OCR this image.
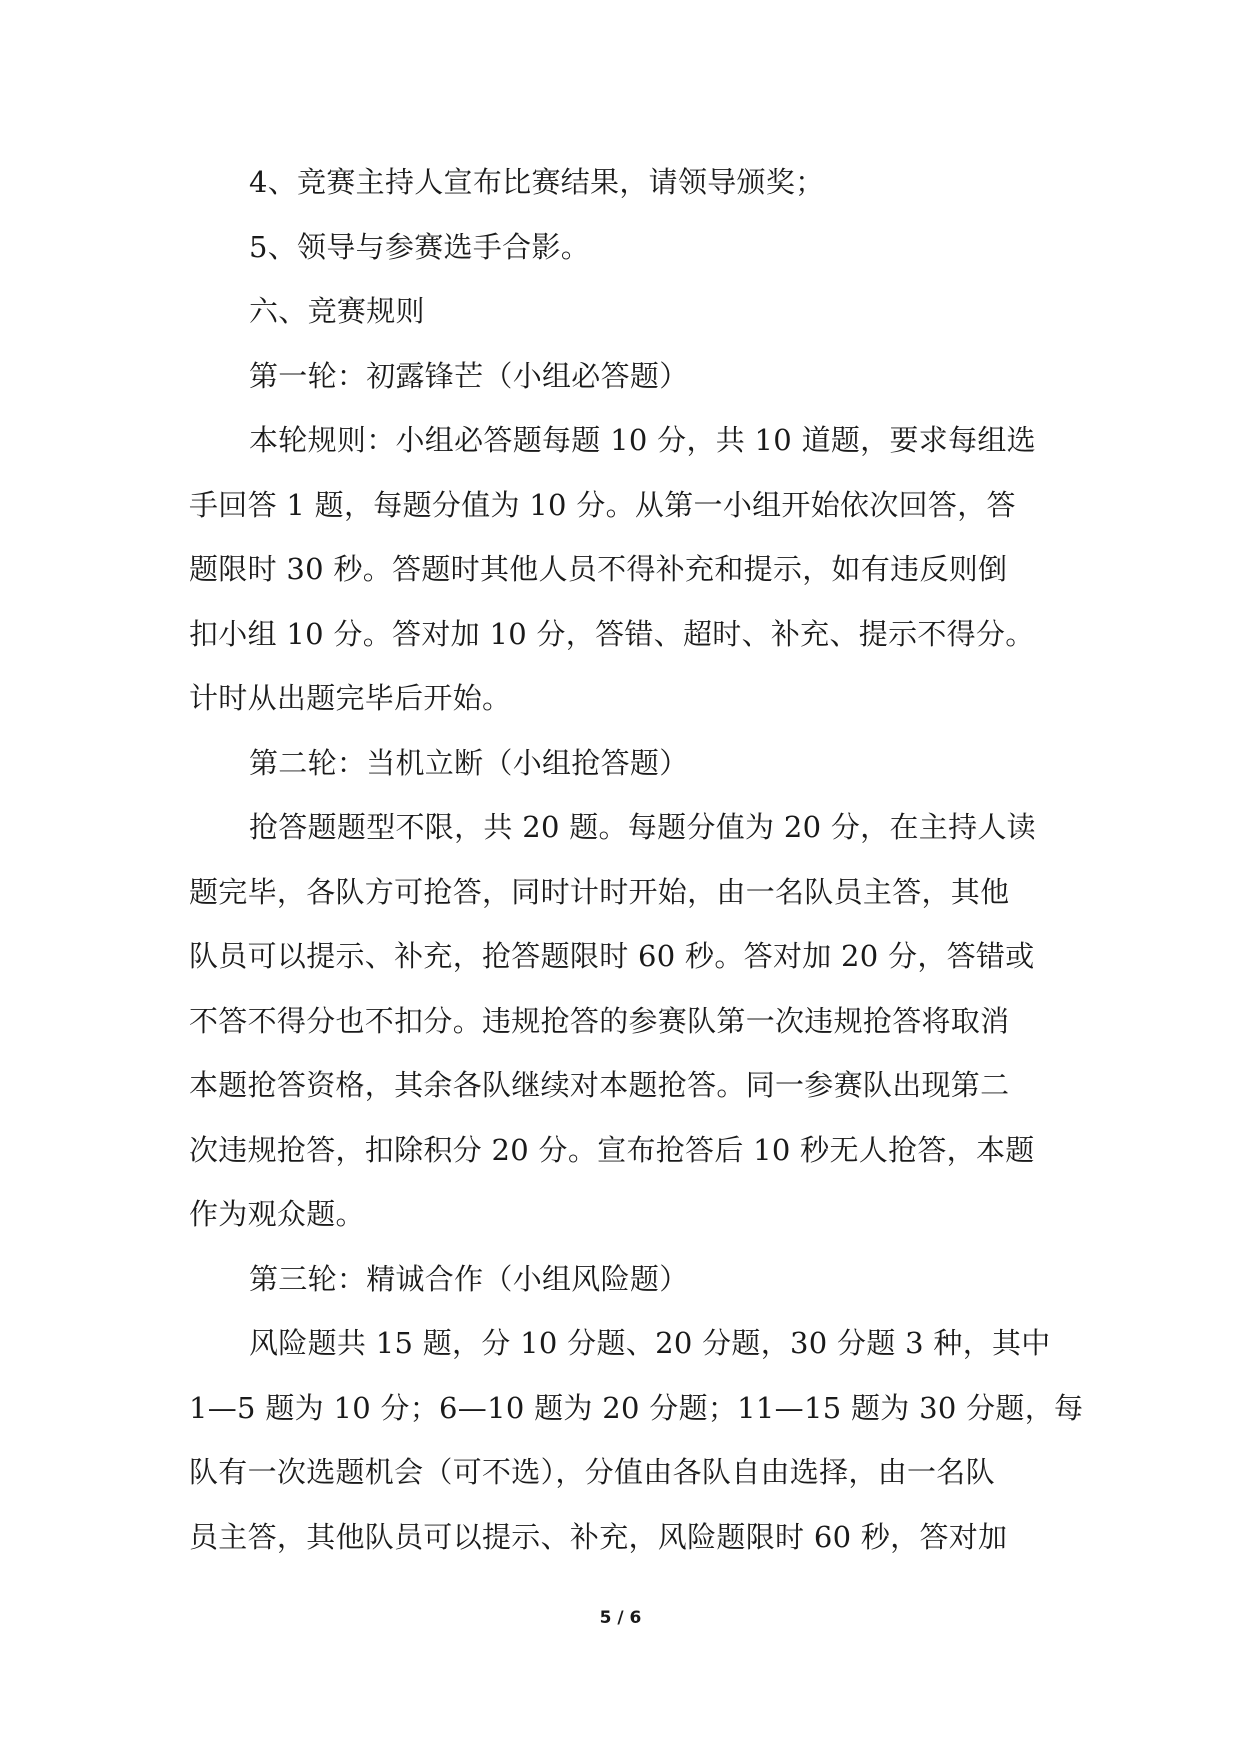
4、竞赛主持人宣布比赛结果，请领导颁奖；
5、领导与参赛选手合影。
六、竞赛规则
第一轮：初露锋芒（小组必答题）
本轮规则：小组必答题每题 10 分，共 10 道题，要求每组选
手回答 1 题，每题分值为 10 分。从第一小组开始依次回答，答
题限时 30 秒。答题时其他人员不得补充和提示，如有违反则倒
扣小组 10 分。答对加 10 分，答错、超时、补充、提示不得分。
计时从出题完毕后开始。
第二轮：当机立断（小组抢答题）
抢答题题型不限，共 20 题。每题分值为 20 分，在主持人读
题完毕，各队方可抢答，同时计时开始，由一名队员主答，其他
队员可以提示、补充，抢答题限时 60 秒。答对加 20 分，答错或
不答不得分也不扣分。违规抢答的参赛队第一次违规抢答将取消
本题抢答资格，其余各队继续对本题抢答。同一参赛队出现第二
次违规抢答，扣除积分 20 分。宣布抢答后 10 秒无人抢答，本题
作为观众题。
第三轮：精诚合作（小组风险题）
风险题共 15 题，分 10 分题、20 分题，30 分题 3 种，其中
1—5 题为 10 分；6—10 题为 20 分题；11—15 题为 30 分题，每
队有一次选题机会（可不选），分值由各队自由选择，由一名队
员主答，其他队员可以提示、补充，风险题限时 60 秒，答对加
5 / 6
